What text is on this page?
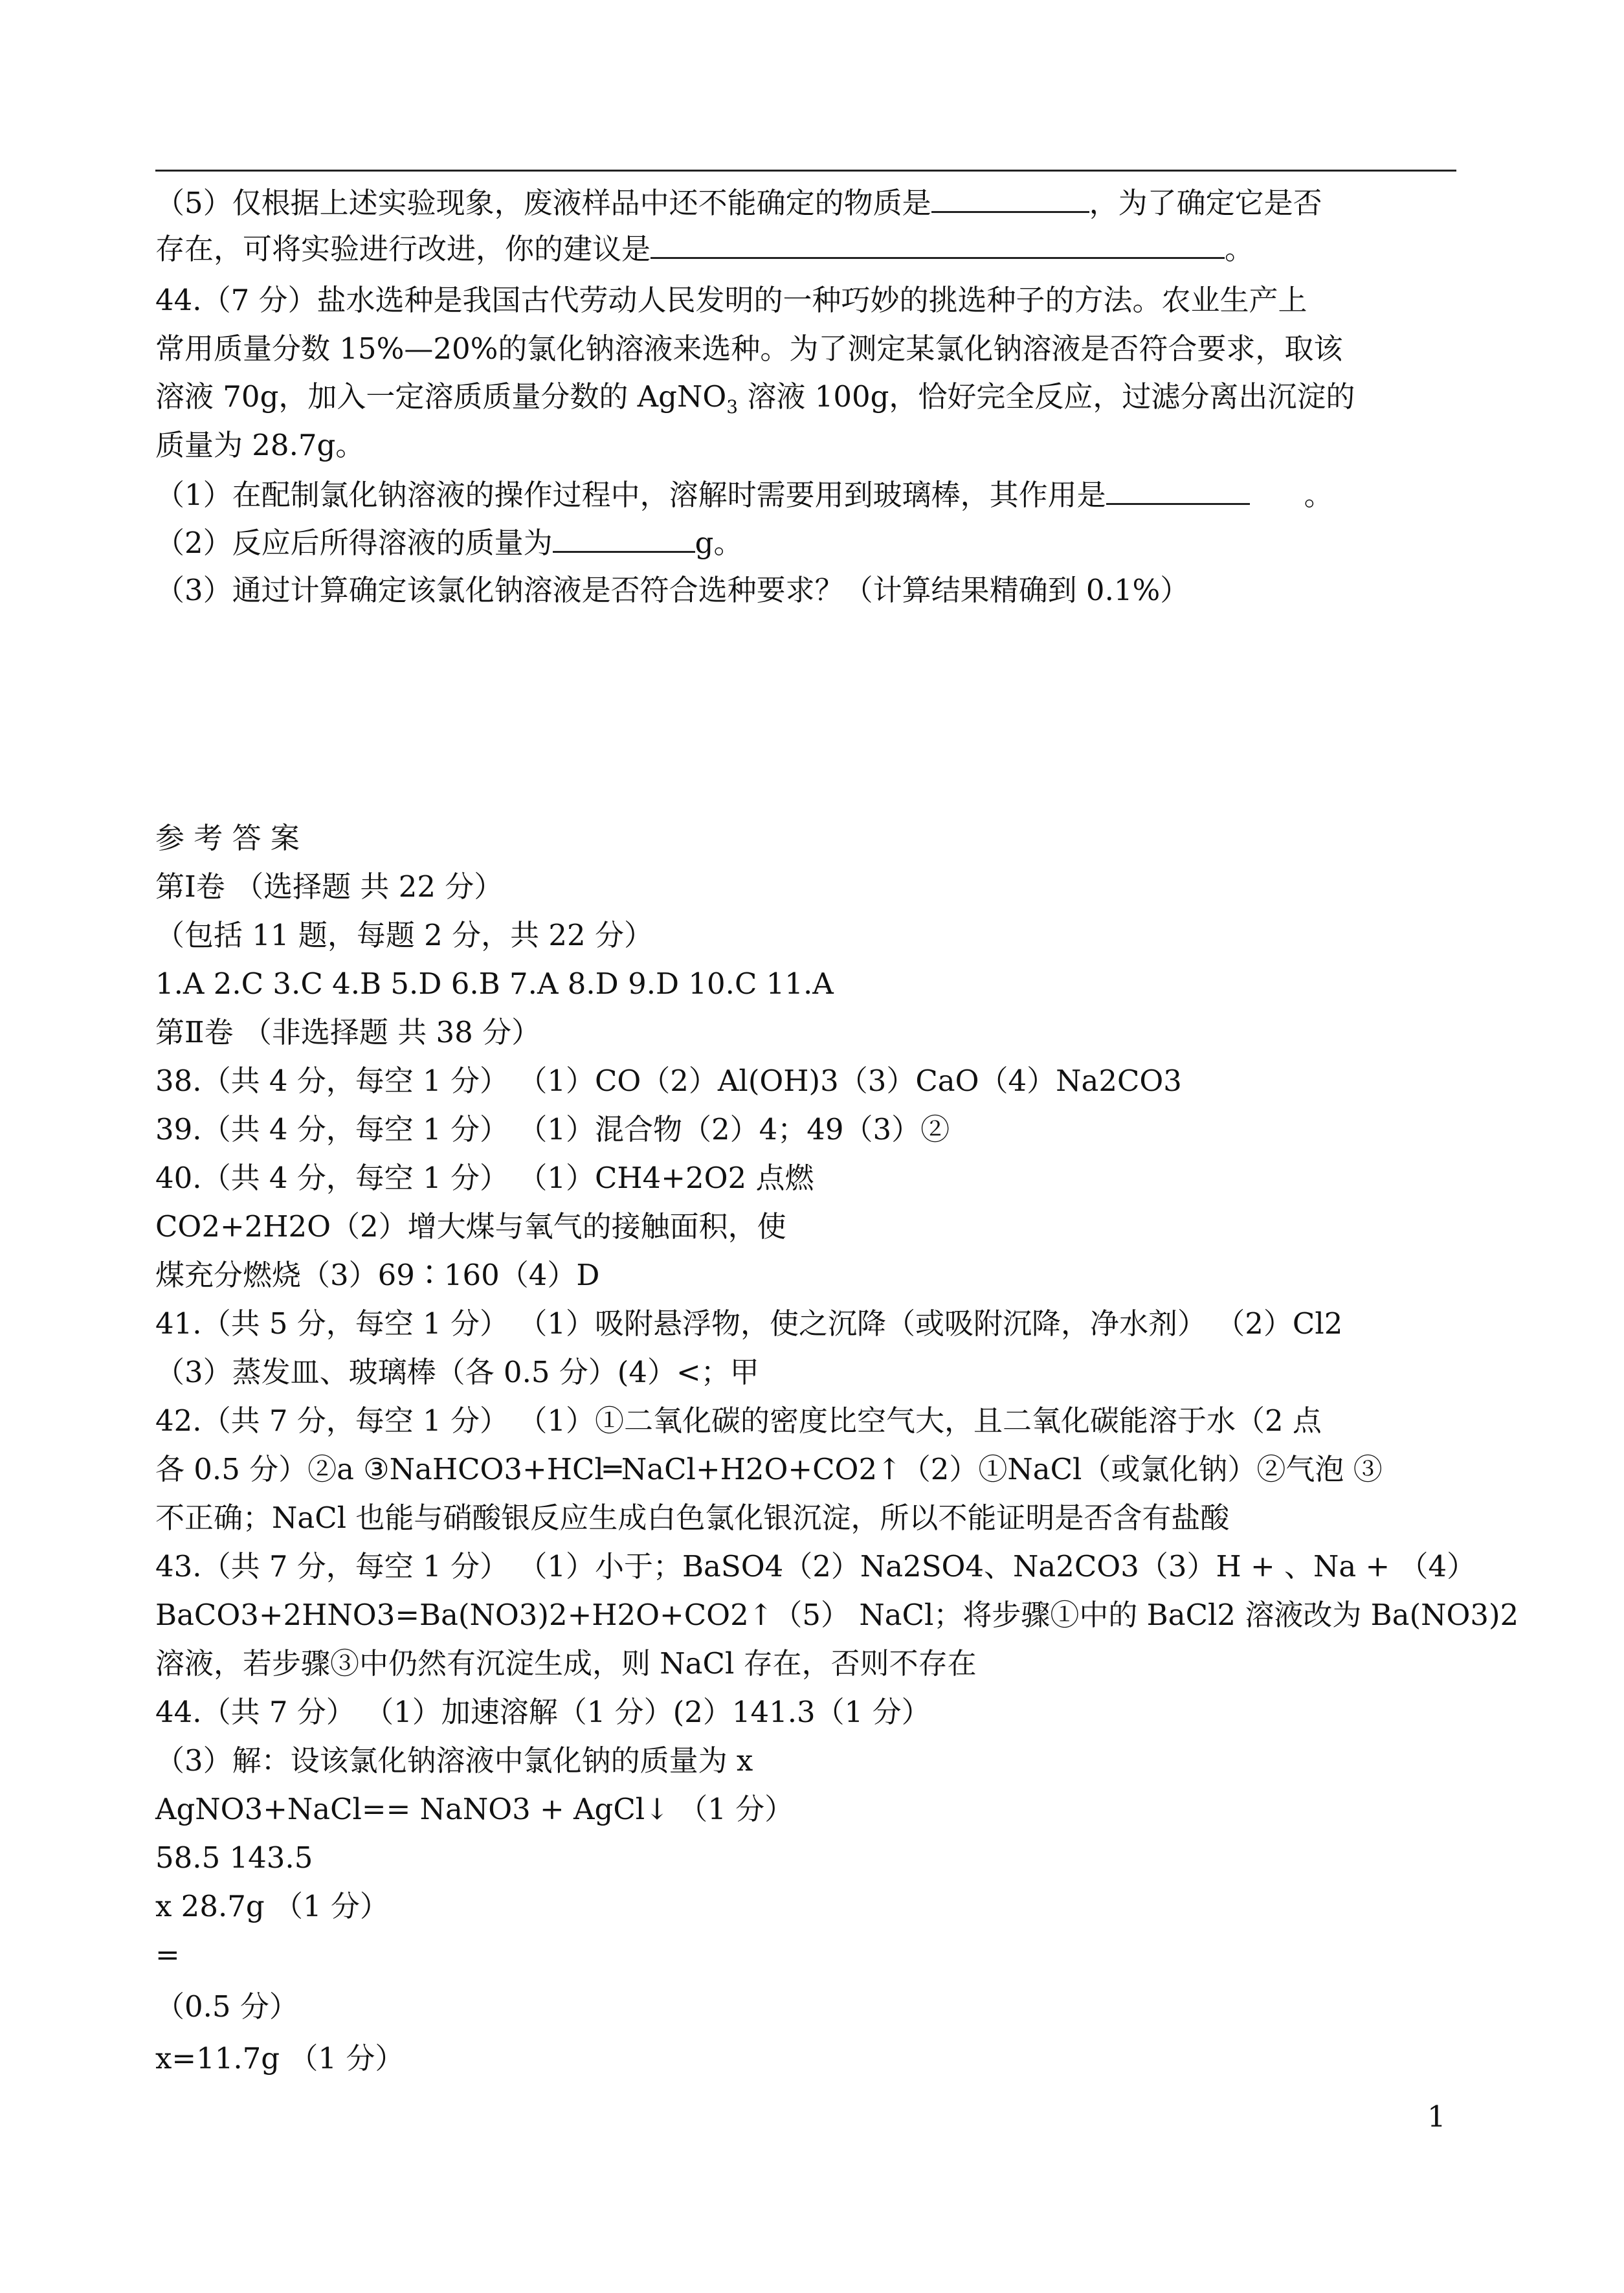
（5）仅根据上述实验现象，废液样品中还不能确定的物质是	，为了确定它是否
存在，可将实验进行改进，你的建议是	。
44.（7 分）盐水选种是我国古代劳动人民发明的一种巧妙的挑选种子的方法。农业生产上
常用质量分数 15%—20%的氯化钠溶液来选种。为了测定某氯化钠溶液是否符合要求，取该
溶液 70g，加入一定溶质质量分数的 AgNO$_3$ 溶液 100g，恰好完全反应，过滤分离出沉淀的
质量为 28.7g。
（1）在配制氯化钠溶液的操作过程中，溶解时需要用到玻璃棒，其作用是	。
（2）反应后所得溶液的质量为	g。
（3）通过计算确定该氯化钠溶液是否符合选种要求？（计算结果精确到 0.1%）
参 考 答 案
第Ⅰ卷 （选择题 共 22 分）
（包括 11 题，每题 2 分，共 22 分）
1.A 2.C 3.C 4.B 5.D 6.B 7.A 8.D 9.D 10.C 11.A
第Ⅱ卷 （非选择题 共 38 分）
38.（共 4 分，每空 1 分） （1）CO（2）Al(OH)3（3）CaO（4）Na2CO3
39.（共 4 分，每空 1 分） （1）混合物（2）4；49（3）②
40.（共 4 分，每空 1 分） （1）CH4+2O2 点燃
CO2+2H2O（2）增大煤与氧气的接触面积，使
煤充分燃烧（3）69∶160（4）D
41.（共 5 分，每空 1 分） （1）吸附悬浮物，使之沉降（或吸附沉降，净水剂） （2）Cl2
（3）蒸发皿、玻璃棒（各 0.5 分）(4）<；甲
42.（共 7 分，每空 1 分） （1）①二氧化碳的密度比空气大，且二氧化碳能溶于水（2 点
各 0.5 分）②a ③NaHCO3+HCl═NaCl+H2O+CO2↑（2）①NaCl（或氯化钠）②气泡 ③
不正确；NaCl 也能与硝酸银反应生成白色氯化银沉淀，所以不能证明是否含有盐酸
43.（共 7 分，每空 1 分） （1）小于；BaSO4（2）Na2SO4、Na2CO3（3）H + 、Na + （4）
BaCO3+2HNO3=Ba(NO3)2+H2O+CO2↑（5） NaCl；将步骤①中的 BaCl2 溶液改为 Ba(NO3)2
溶液，若步骤③中仍然有沉淀生成，则 NaCl 存在，否则不存在
44.（共 7 分） （1）加速溶解（1 分）(2）141.3（1 分）
（3）解：设该氯化钠溶液中氯化钠的质量为 x
AgNO3+NaCl== NaNO3 + AgCl↓ （1 分）
58.5 143.5
x 28.7g （1 分）
=
（0.5 分）
x=11.7g （1 分）
1
